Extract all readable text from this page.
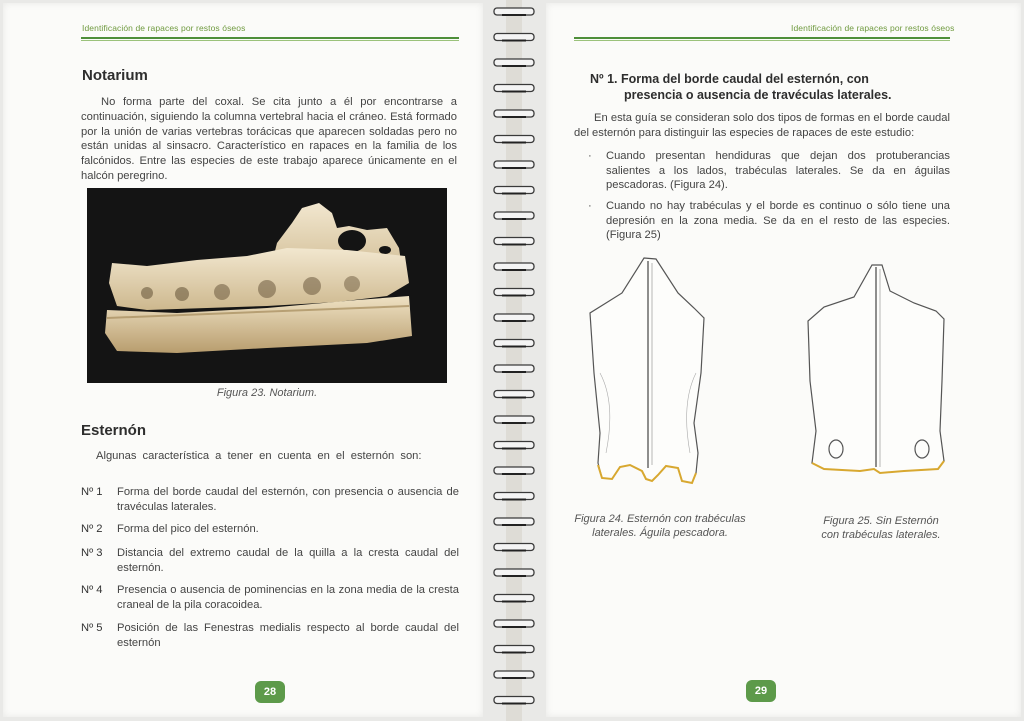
Identificación de rapaces por restos óseos
Notarium
No forma parte del coxal. Se cita junto a él por encontrarse a continuación, siguiendo la columna vertebral hacia el cráneo. Está formado por la unión de varias vertebras torácicas que aparecen soldadas pero no están unidas al sinsacro. Característico en rapaces en la familia de los falcónidos. Entre las especies de este trabajo aparece únicamente en el halcón peregrino.
Figura 23. Notarium.
Esternón
Algunas característica a tener en cuenta en el esternón son:
Nº 1 Forma del borde caudal del esternón, con presencia o ausencia de travéculas laterales.
Nº 2 Forma del pico del esternón.
Nº 3 Distancia del extremo caudal de la quilla a la cresta caudal del esternón.
Nº 4 Presencia o ausencia de pominencias en la zona media de la cresta craneal de la pila coracoidea.
Nº 5 Posición de las Fenestras medialis respecto al borde caudal del esternón
28
Identificación de rapaces por restos óseos
Nº 1. Forma del borde caudal del esternón, con
presencia o ausencia de travéculas laterales.
En esta guía se consideran solo dos tipos de formas en el borde caudal del esternón para distinguir las especies de rapaces de este estudio:
· Cuando presentan hendiduras que dejan dos protuberancias salientes a los lados, trabéculas laterales. Se da en águilas pescadoras. (Figura 24).
· Cuando no hay trabéculas y el borde es continuo o sólo tiene una depresión en la zona media. Se da en el resto de las especies. (Figura 25)
Figura 24. Esternón con trabéculas
laterales. Águila pescadora.
Figura 25. Sin Esternón
con trabéculas laterales.
29
